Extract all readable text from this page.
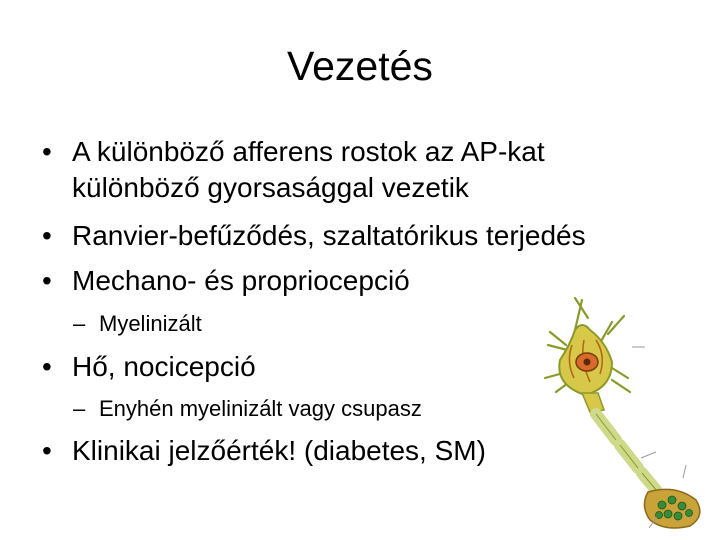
Vezetés
• A különböző afferens rostok az AP-kat
különböző gyorsasággal vezetik
• Ranvier-befűződés, szaltatórikus terjedés
• Mechano- és propriocepció
– Myelinizált
• Hő, nocicepció
– Enyhén myelinizált vagy csupasz
• Klinikai jelzőérték! (diabetes, SM)
